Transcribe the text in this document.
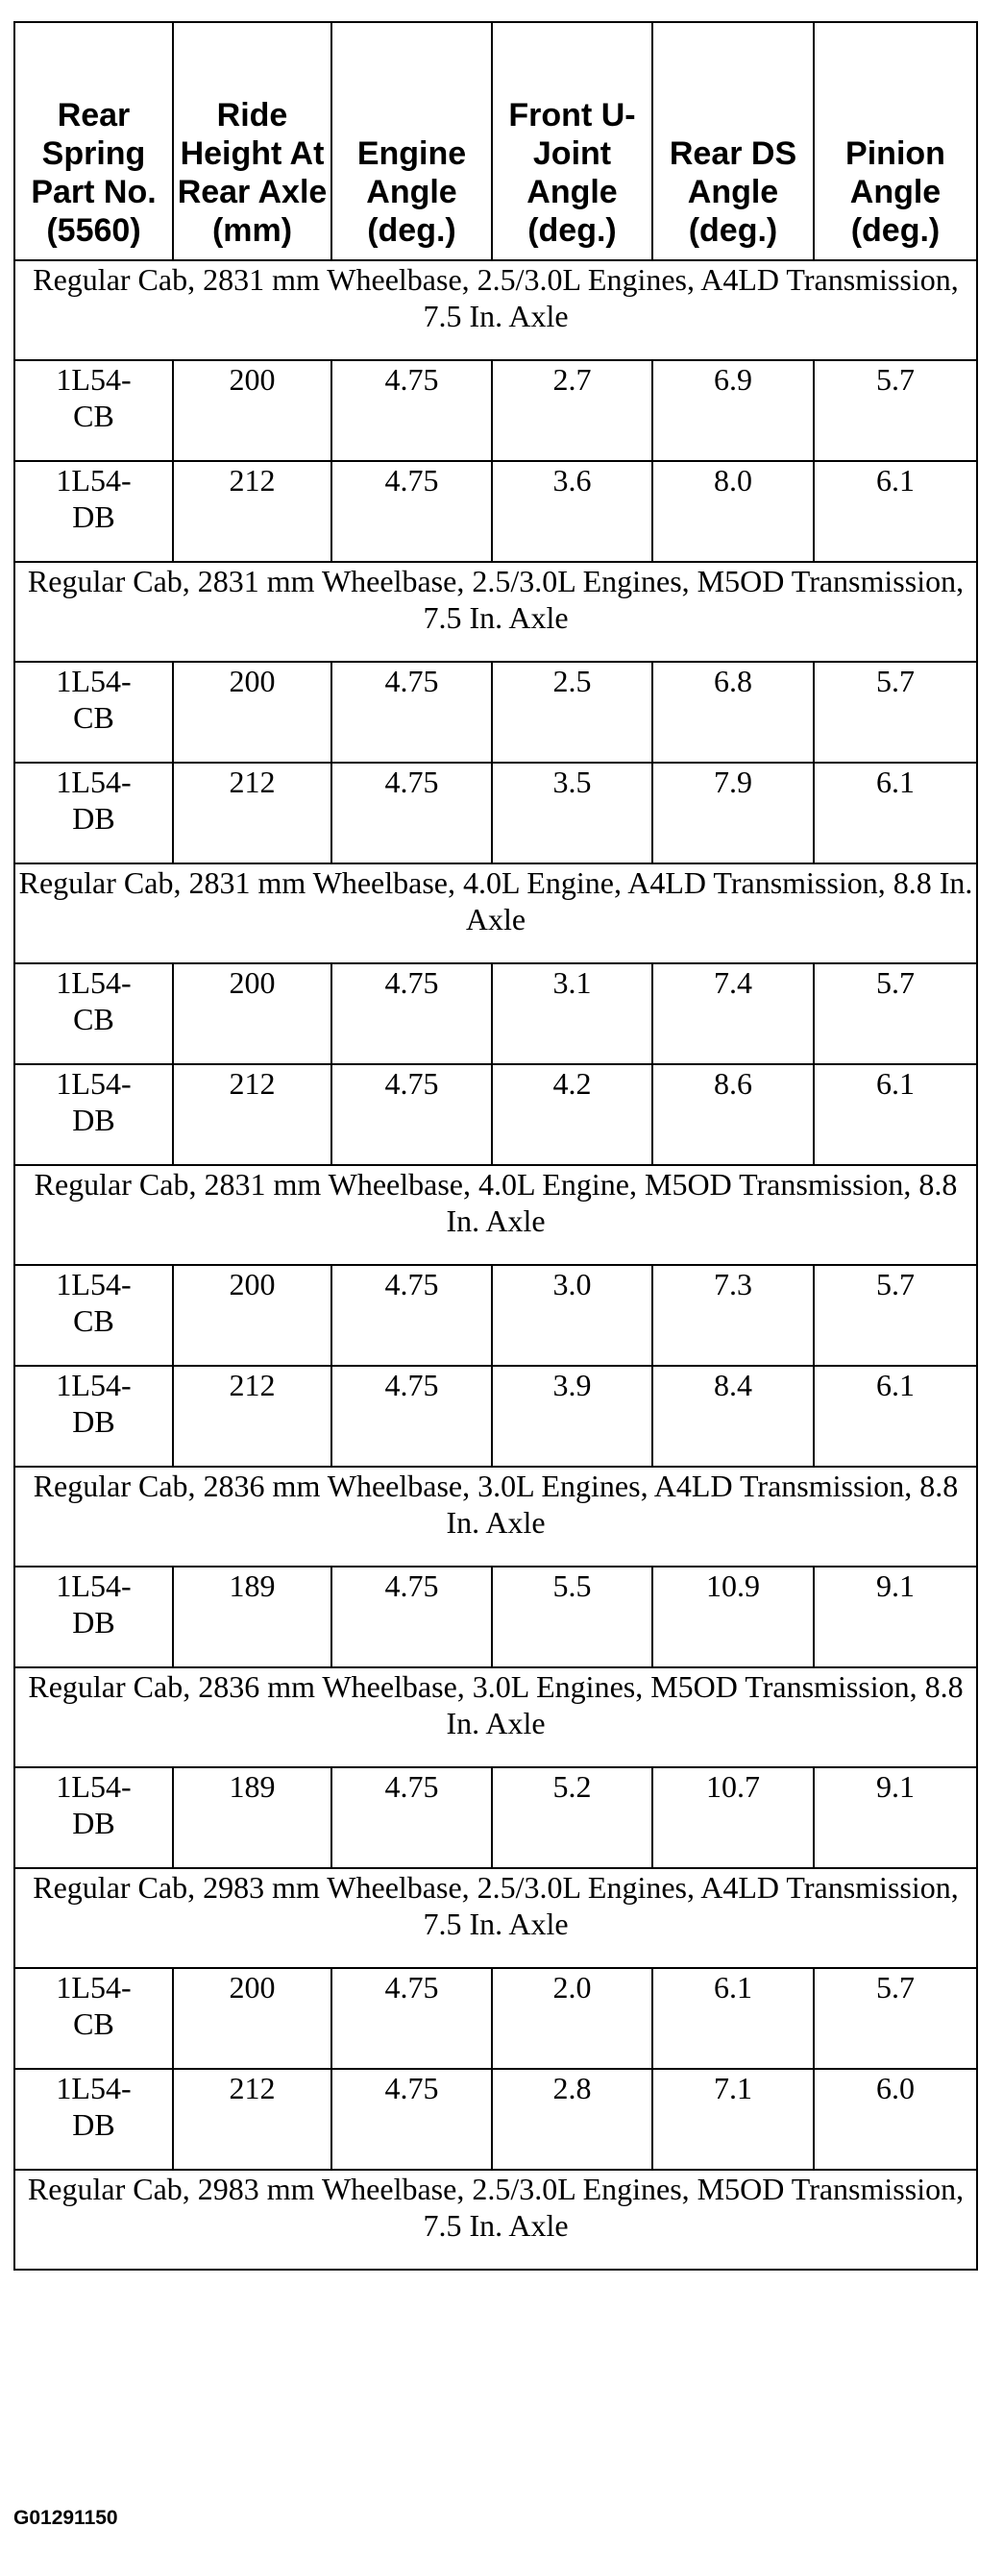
Rear Spring Part No. (5560)	Ride Height At Rear Axle (mm)	Engine Angle (deg.)	Front U-Joint Angle (deg.)	Rear DS Angle (deg.)	Pinion Angle (deg.)
Regular Cab, 2831 mm Wheelbase, 2.5/3.0L Engines, A4LD Transmission, 7.5 In. Axle					
1L54-
CB	200	4.75	2.7	6.9	5.7
1L54-
DB	212	4.75	3.6	8.0	6.1
Regular Cab, 2831 mm Wheelbase, 2.5/3.0L Engines, M5OD Transmission, 7.5 In. Axle					
1L54-
CB	200	4.75	2.5	6.8	5.7
1L54-
DB	212	4.75	3.5	7.9	6.1
Regular Cab, 2831 mm Wheelbase, 4.0L Engine, A4LD Transmission, 8.8 In. Axle					
1L54-
CB	200	4.75	3.1	7.4	5.7
1L54-
DB	212	4.75	4.2	8.6	6.1
Regular Cab, 2831 mm Wheelbase, 4.0L Engine, M5OD Transmission, 8.8 In. Axle					
1L54-
CB	200	4.75	3.0	7.3	5.7
1L54-
DB	212	4.75	3.9	8.4	6.1
Regular Cab, 2836 mm Wheelbase, 3.0L Engines, A4LD Transmission, 8.8 In. Axle					
1L54-
DB	189	4.75	5.5	10.9	9.1
Regular Cab, 2836 mm Wheelbase, 3.0L Engines, M5OD Transmission, 8.8 In. Axle					
1L54-
DB	189	4.75	5.2	10.7	9.1
Regular Cab, 2983 mm Wheelbase, 2.5/3.0L Engines, A4LD Transmission, 7.5 In. Axle					
1L54-
CB	200	4.75	2.0	6.1	5.7
1L54-
DB	212	4.75	2.8	7.1	6.0
Regular Cab, 2983 mm Wheelbase, 2.5/3.0L Engines, M5OD Transmission, 7.5 In. Axle					
G01291150
